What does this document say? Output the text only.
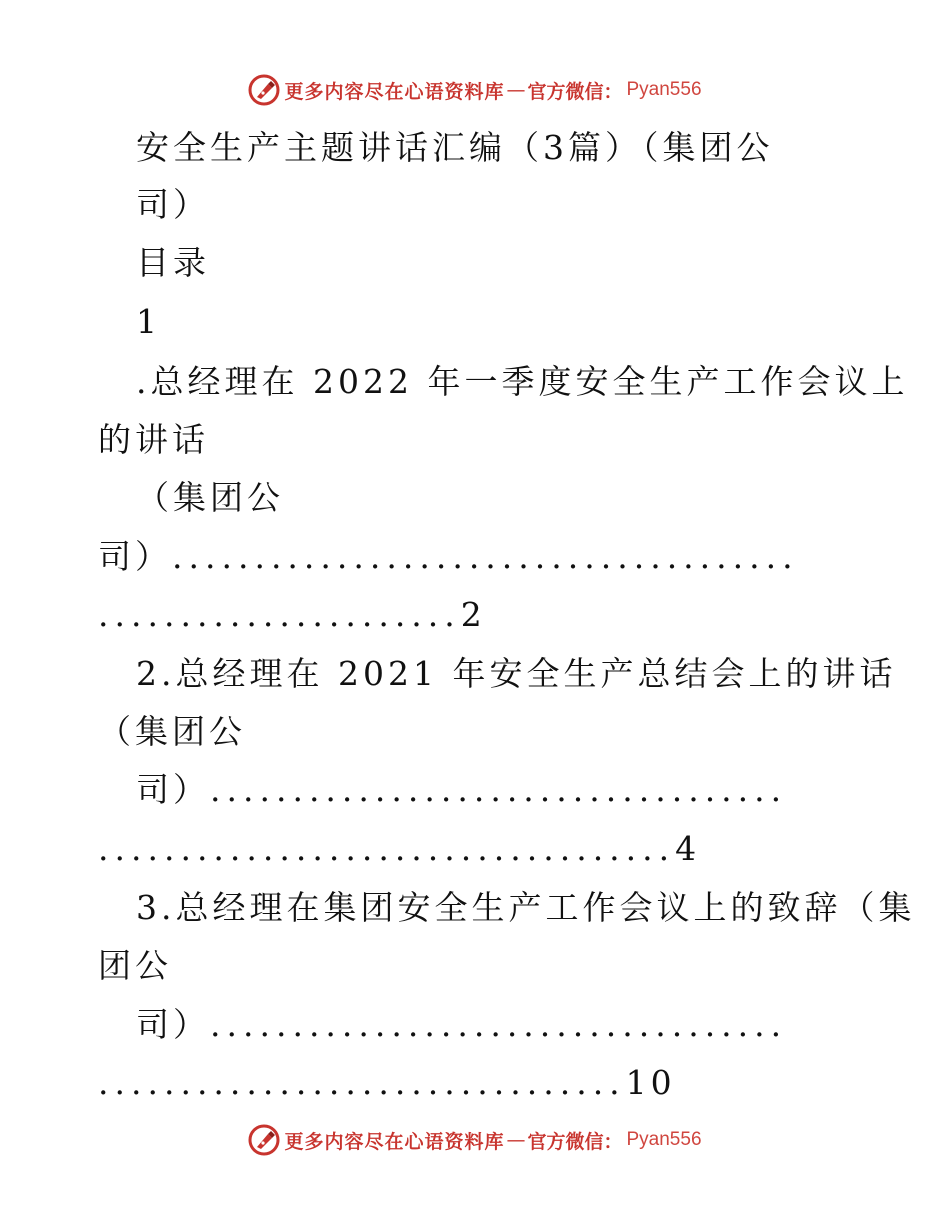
更多内容尽在心语资料库 — 官方微信： Pyan556
安全生产主题讲话汇编（3篇）（集团公
司）
目录
1
.总经理在 2022 年一季度安全生产工作会议上
的讲话
（集团公
司）......................................
......................2
2.总经理在 2021 年安全生产总结会上的讲话
（集团公
司）...................................
...................................4
3.总经理在集团安全生产工作会议上的致辞（集
团公
司）...................................
................................10
更多内容尽在心语资料库 — 官方微信： Pyan556
